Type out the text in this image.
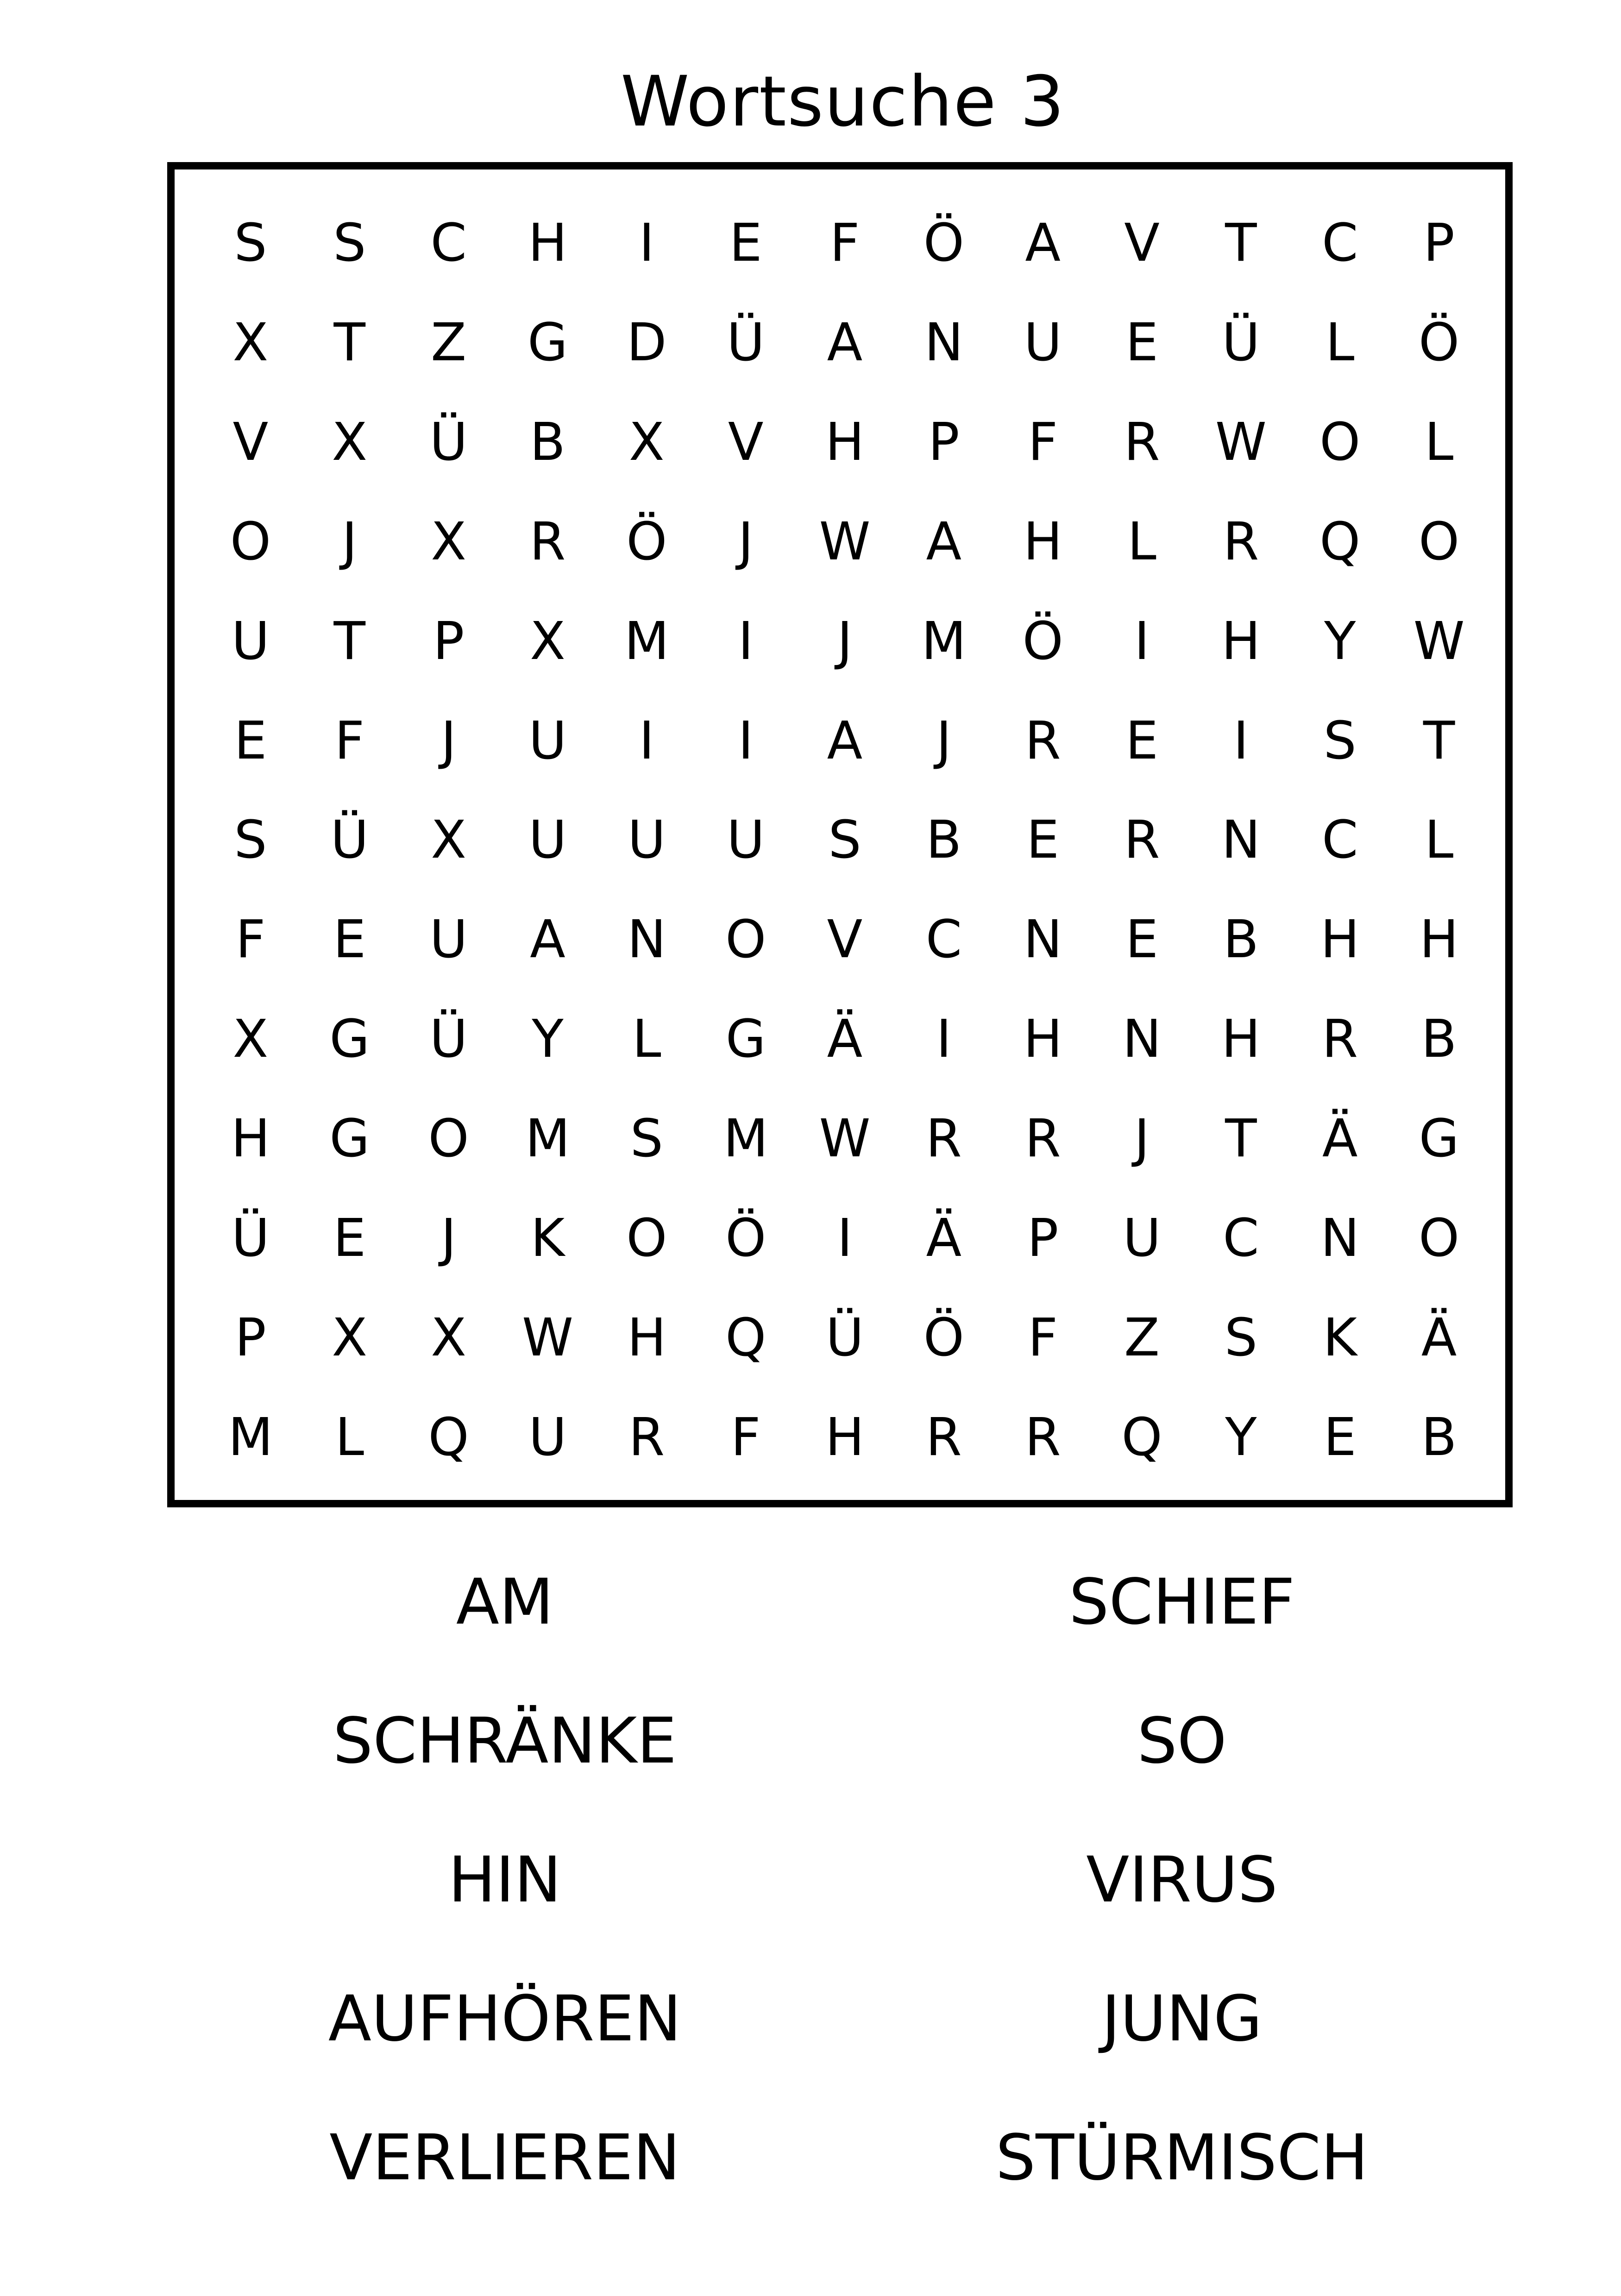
Wortsuche 3
S	S	C	H	I	E	F	Ö	A	V	T	C	P
X	T	Z	G	D	Ü	A	N	U	E	Ü	L	Ö
V	X	Ü	B	X	V	H	P	F	R	W	O	L
O	J	X	R	Ö	J	W	A	H	L	R	Q	O
U	T	P	X	M	I	J	M	Ö	I	H	Y	W
E	F	J	U	I	I	A	J	R	E	I	S	T
S	Ü	X	U	U	U	S	B	E	R	N	C	L
F	E	U	A	N	O	V	C	N	E	B	H	H
X	G	Ü	Y	L	G	Ä	I	H	N	H	R	B
H	G	O	M	S	M W	R	R	J	T	Ä	G
Ü	E	J	K	O	Ö	I	Ä	P	U	C	N	O
P	X	X	W	H	Q	Ü	Ö	F	Z	S	K	Ä
M	L	Q	U	R	F	H	R	R	Q	Y	E	B
AM	SCHIEF
SCHRÄNKE	SO
HIN	VIRUS
AUFHÖREN	JUNG
VERLIEREN	STÜRMISCH
